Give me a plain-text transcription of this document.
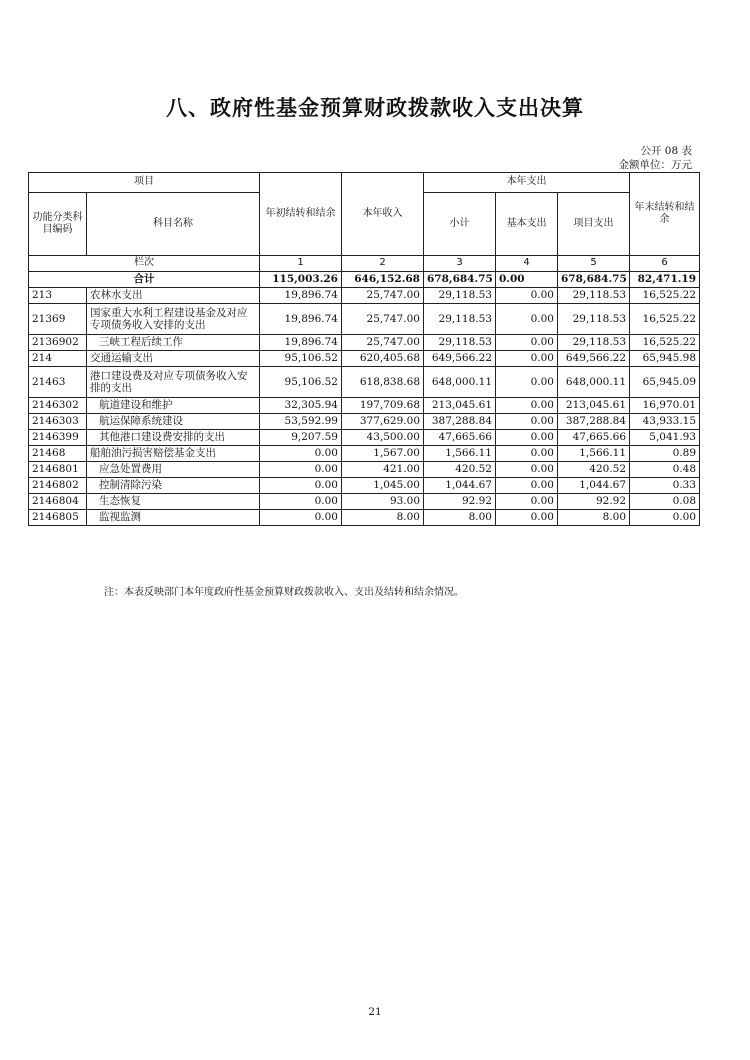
八、政府性基金预算财政拨款收入支出决算
公开 08 表
金额单位：万元
项目		年初结转和结余	本年收入	本年支出			年末结转和结余
功能分类科目编码	科目名称			小计	基本支出	项目支出	
栏次		1	2	3	4	5	6
合计		115,003.26	646,152.68	678,684.75	0.00	678,684.75	82,471.19
213	农林水支出	19,896.74	25,747.00	29,118.53	0.00	29,118.53	16,525.22
21369	国家重大水利工程建设基金及对应专项债务收入安排的支出	19,896.74	25,747.00	29,118.53	0.00	29,118.53	16,525.22
2136902	三峡工程后续工作	19,896.74	25,747.00	29,118.53	0.00	29,118.53	16,525.22
214	交通运输支出	95,106.52	620,405.68	649,566.22	0.00	649,566.22	65,945.98
21463	港口建设费及对应专项债务收入安排的支出	95,106.52	618,838.68	648,000.11	0.00	648,000.11	65,945.09
2146302	航道建设和维护	32,305.94	197,709.68	213,045.61	0.00	213,045.61	16,970.01
2146303	航运保障系统建设	53,592.99	377,629.00	387,288.84	0.00	387,288.84	43,933.15
2146399	其他港口建设费安排的支出	9,207.59	43,500.00	47,665.66	0.00	47,665.66	5,041.93
21468	船舶油污损害赔偿基金支出	0.00	1,567.00	1,566.11	0.00	1,566.11	0.89
2146801	应急处置费用	0.00	421.00	420.52	0.00	420.52	0.48
2146802	控制清除污染	0.00	1,045.00	1,044.67	0.00	1,044.67	0.33
2146804	生态恢复	0.00	93.00	92.92	0.00	92.92	0.08
2146805	监视监测	0.00	8.00	8.00	0.00	8.00	0.00
注：本表反映部门本年度政府性基金预算财政拨款收入、支出及结转和结余情况。
21
